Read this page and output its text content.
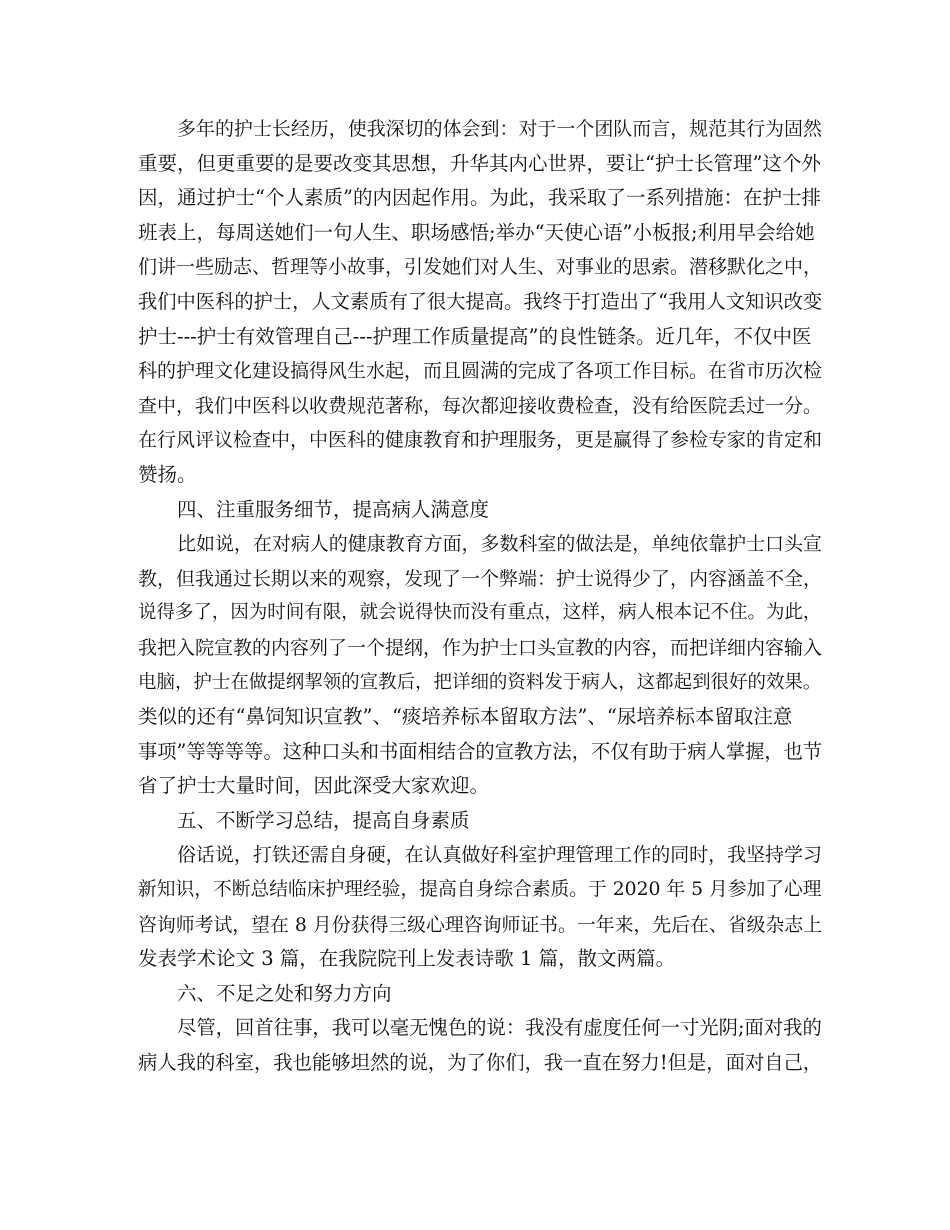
多年的护士长经历，使我深切的体会到：对于一个团队而言，规范其行为固然
重要，但更重要的是要改变其思想，升华其内心世界，要让“护士长管理”这个外
因，通过护士“个人素质”的内因起作用。为此，我采取了一系列措施：在护士排
班表上，每周送她们一句人生、职场感悟;举办“天使心语”小板报;利用早会给她
们讲一些励志、哲理等小故事，引发她们对人生、对事业的思索。潜移默化之中，
我们中医科的护士，人文素质有了很大提高。我终于打造出了“我用人文知识改变
护士---护士有效管理自己---护理工作质量提高”的良性链条。近几年，不仅中医
科的护理文化建设搞得风生水起，而且圆满的完成了各项工作目标。在省市历次检
查中，我们中医科以收费规范著称，每次都迎接收费检查，没有给医院丢过一分。
在行风评议检查中，中医科的健康教育和护理服务，更是赢得了参检专家的肯定和
赞扬。
四、注重服务细节，提高病人满意度
比如说，在对病人的健康教育方面，多数科室的做法是，单纯依靠护士口头宣
教，但我通过长期以来的观察，发现了一个弊端：护士说得少了，内容涵盖不全，
说得多了，因为时间有限，就会说得快而没有重点，这样，病人根本记不住。为此，
我把入院宣教的内容列了一个提纲，作为护士口头宣教的内容，而把详细内容输入
电脑，护士在做提纲挈领的宣教后，把详细的资料发于病人，这都起到很好的效果。
类似的还有“鼻饲知识宣教”、“痰培养标本留取方法”、“尿培养标本留取注意
事项”等等等等。这种口头和书面相结合的宣教方法，不仅有助于病人掌握，也节
省了护士大量时间，因此深受大家欢迎。
五、不断学习总结，提高自身素质
俗话说，打铁还需自身硬，在认真做好科室护理管理工作的同时，我坚持学习
新知识，不断总结临床护理经验，提高自身综合素质。于 2020 年 5 月参加了心理
咨询师考试，望在 8 月份获得三级心理咨询师证书。一年来，先后在、省级杂志上
发表学术论文 3 篇，在我院院刊上发表诗歌 1 篇，散文两篇。
六、不足之处和努力方向
尽管，回首往事，我可以毫无愧色的说：我没有虚度任何一寸光阴;面对我的
病人我的科室，我也能够坦然的说，为了你们，我一直在努力!但是，面对自己，
